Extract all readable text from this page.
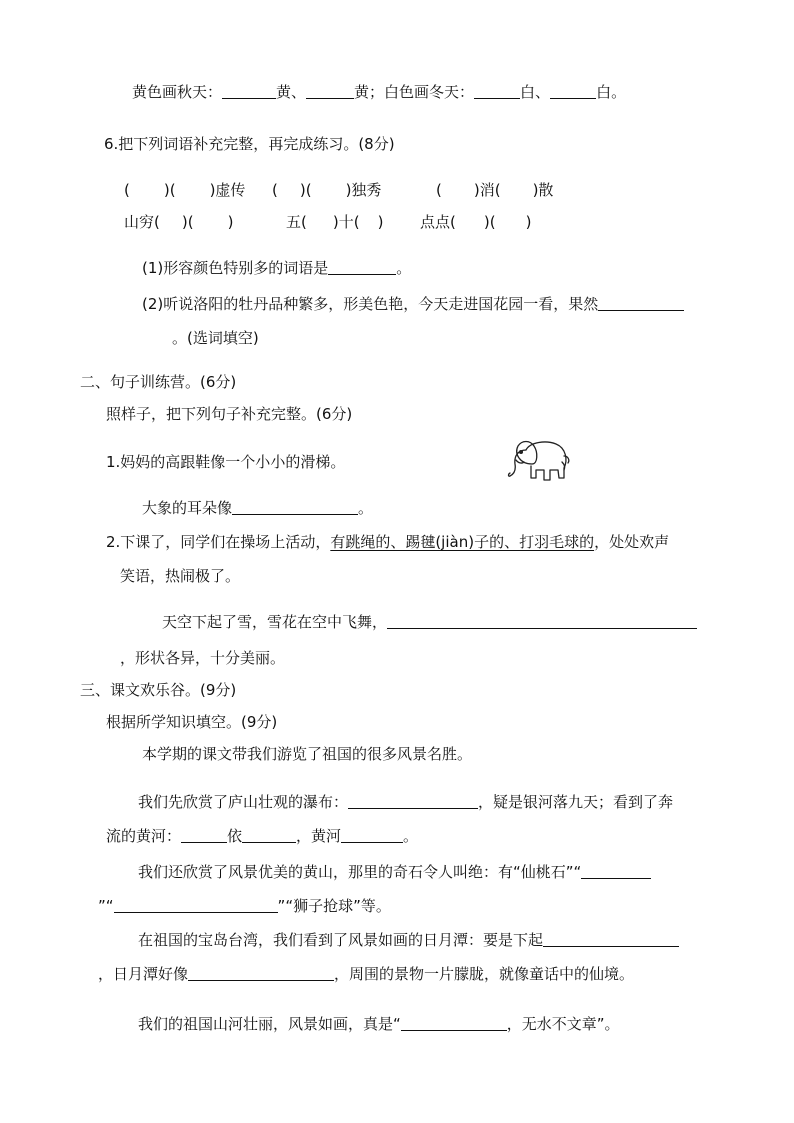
黄色画秋天：	黄、	黄；白色画冬天：	白、	白。
6.把下列词语补充完整，再完成练习。(8分)
( )( )虚传 ( )( )独秀	( )消( )散
山穷( )( )	五( )十( ) 点点( )( )
(1)形容颜色特别多的词语是	。
(2)听说洛阳的牡丹品种繁多，形美色艳，今天走进国花园一看，果然
。(选词填空)
二、句子训练营。(6分)
照样子，把下列句子补充完整。(6分)
1.妈妈的高跟鞋像一个小小的滑梯。
大象的耳朵像	。
2.下课了，同学们在操场上活动，有跳绳的、踢毽(jiàn)子的、打羽毛球的，处处欢声
笑语，热闹极了。
天空下起了雪，雪花在空中飞舞，
，形状各异，十分美丽。
三、课文欢乐谷。(9分)
根据所学知识填空。(9分)
本学期的课文带我们游览了祖国的很多风景名胜。
我们先欣赏了庐山壮观的瀑布：	，疑是银河落九天；看到了奔
流的黄河：	依	，黄河	。
我们还欣赏了风景优美的黄山，那里的奇石令人叫绝：有“仙桃石”“
”“	”“狮子抢球”等。
在祖国的宝岛台湾，我们看到了风景如画的日月潭：要是下起
，日月潭好像	，周围的景物一片朦胧，就像童话中的仙境。
我们的祖国山河壮丽，风景如画，真是“	，无水不文章”。
